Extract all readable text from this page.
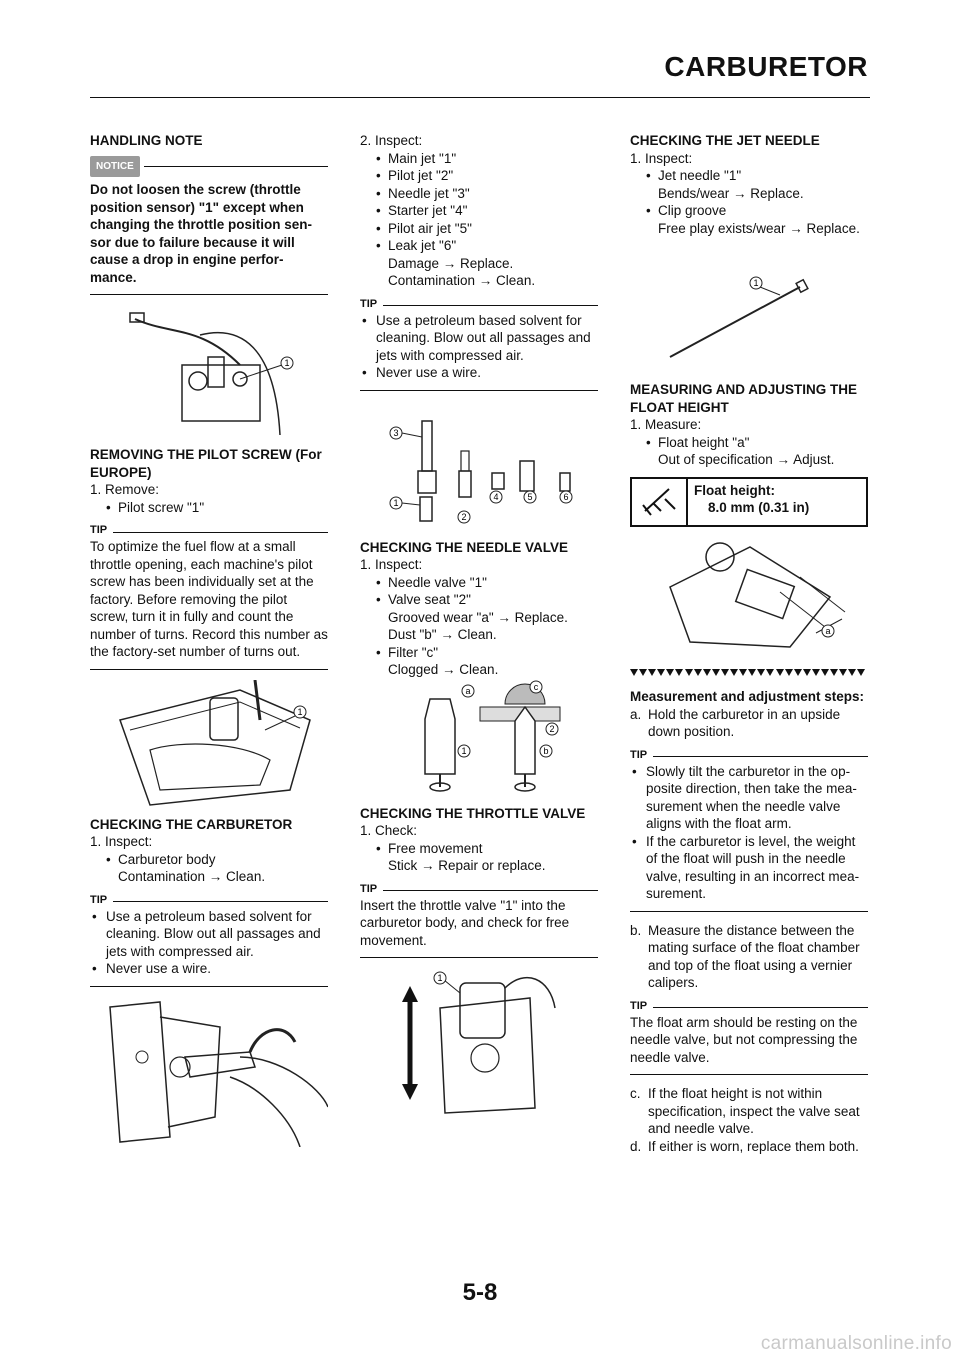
CARBURETOR
HANDLING NOTE
NOTICE

Do not loosen the screw (throttle position sensor) "1" except when changing the throttle position sen-sor due to failure because it will cause a drop in engine perfor-mance.

1
REMOVING THE PILOT SCREW (For EUROPE)

1. Remove:

• Pilot screw "1"

TIP

To optimize the fuel flow at a small throttle opening, each machine's pilot screw has been individually set at the factory. Before removing the pilot screw, turn it in fully and count the number of turns. Record this number as the factory-set number of turns out.

1
CHECKING THE CARBURETOR

1. Inspect:

• Carburetor body

Contamination → Clean.

TIP

• Use a petroleum based solvent for cleaning. Blow out all passages and jets with compressed air.

• Never use a wire.

2. Inspect:

• Main jet "1"

• Pilot jet "2"

• Needle jet "3"

• Starter jet "4"

• Pilot air jet "5"

• Leak jet "6"

Damage → Replace.

Contamination → Clean.

TIP

• Use a petroleum based solvent for cleaning. Blow out all passages and jets with compressed air.

• Never use a wire.

1
2
3
4	5	6
CHECKING THE NEEDLE VALVE

1. Inspect:

• Needle valve "1"

• Valve seat "2"

Grooved wear "a" → Replace.

Dust "b" → Clean.

• Filter "c"

Clogged → Clean.

1
2
a
b
c
CHECKING THE THROTTLE VALVE

1. Check:

• Free movement

Stick → Repair or replace.

TIP

Insert the throttle valve "1" into the carburetor body, and check for free movement.

1
CHECKING THE JET NEEDLE

1. Inspect:

• Jet needle "1"

Bends/wear → Replace.

• Clip groove

Free play exists/wear → Replace.

1
MEASURING AND ADJUSTING THE FLOAT HEIGHT

1. Measure:

• Float height "a"

Out of specification → Adjust.

Float height:
8.0 mm (0.31 in)
a
Measurement and adjustment steps:

a. Hold the carburetor in an upside down position.

TIP

• Slowly tilt the carburetor in the op-posite direction, then take the mea-surement when the needle valve aligns with the float arm.

• If the carburetor is level, the weight of the float will push in the needle valve, resulting in an incorrect mea-surement.

b. Measure the distance between the mating surface of the float chamber and top of the float using a vernier calipers.

TIP

The float arm should be resting on the needle valve, but not compressing the needle valve.

c. If the float height is not within specification, inspect the valve seat and needle valve.

d. If either is worn, replace them both.

5-8
carmanualsonline.info
